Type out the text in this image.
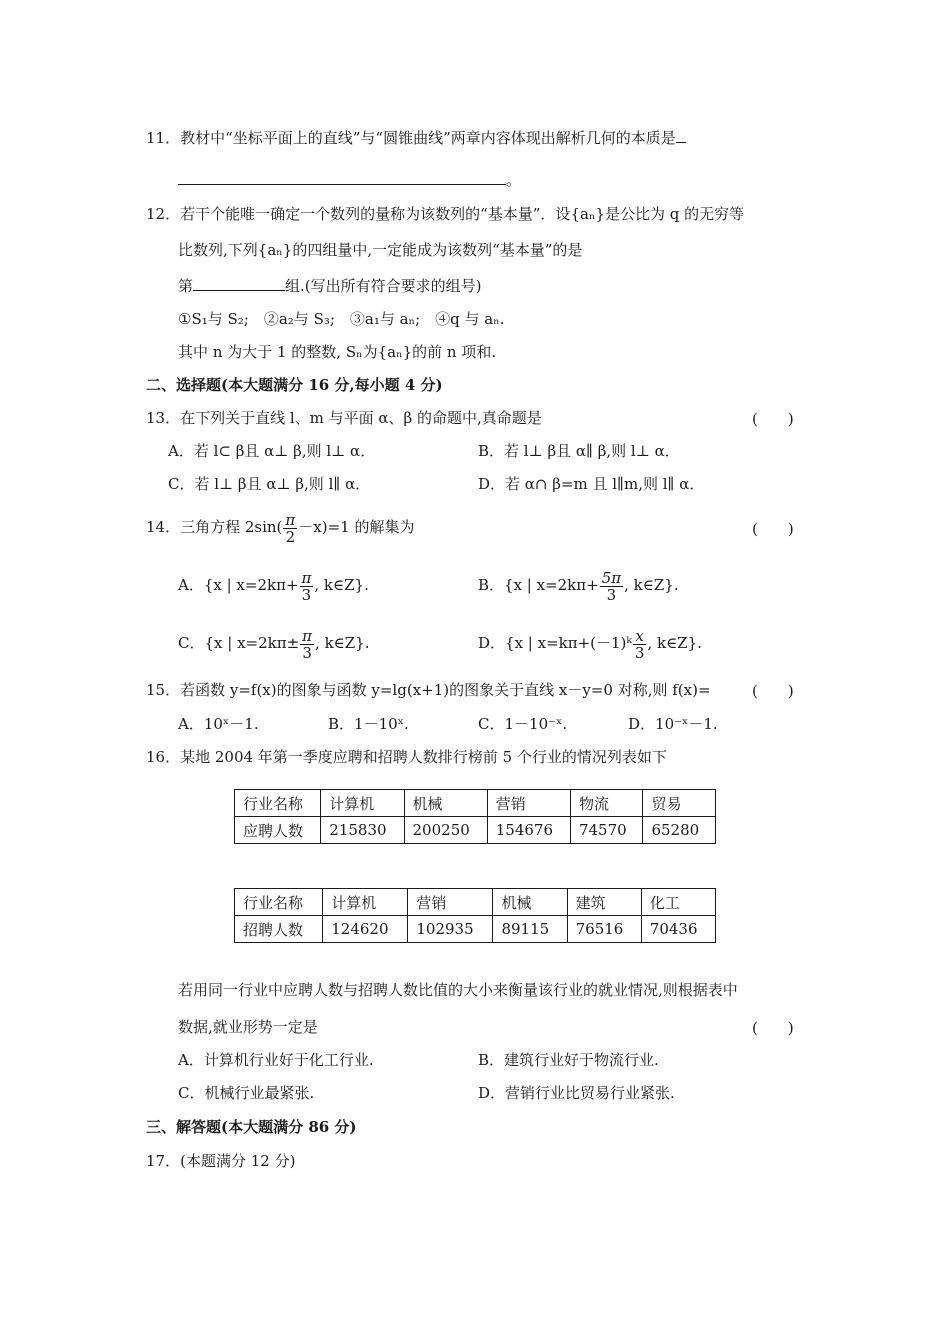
11．教材中“坐标平面上的直线”与“圆锥曲线”两章内容体现出解析几何的本质是
。
12．若干个能唯一确定一个数列的量称为该数列的“基本量”．设{aₙ}是公比为 q 的无穷等
比数列,下列{aₙ}的四组量中,一定能成为该数列“基本量”的是
第	组.(写出所有符合要求的组号)
①S₁与 S₂;　②a₂与 S₃;　③a₁与 aₙ;　④q 与 aₙ.
其中 n 为大于 1 的整数, Sₙ为{aₙ}的前 n 项和.
二、选择题(本大题满分 16 分,每小题 4 分)
13．在下列关于直线 l、m 与平面 α、β 的命题中,真命题是	(　　)
A．若 l⊂ β且 α⊥ β,则 l⊥ α．	B．若 l⊥ β且 α∥ β,则 l⊥ α．
C．若 l⊥ β且 α⊥ β,则 l∥ α．	D．若 α∩ β=m 且 l∥m,则 l∥ α．
14．三角方程 $2\sin( \frac{\pi}{2} -x)=1$ 的解集为	(　　)
A．{x | $x=2k\pi+ \frac{\pi}{3}$ , k∈Z}.	B．{x | $x=2k\pi+ \frac{5\pi}{3}$ , k∈Z}.
C．{x | $x=2k\pi\pm \frac{\pi}{3}$ , k∈Z}.	D．{x | x=kπ+(－1)ᵏ $\frac{x}{3}$ , k∈Z}.
15．若函数 y=f(x)的图象与函数 y=lg(x+1)的图象关于直线 x－y=0 对称,则 f(x)=	(　　)
A．10ˣ－1.	B．1－10ˣ.	C．1－10⁻ˣ.	D．10⁻ˣ－1.
16．某地 2004 年第一季度应聘和招聘人数排行榜前 5 个行业的情况列表如下
行业名称	计算机	机械	营销	物流	贸易
应聘人数	215830	200250	154676	74570	65280
行业名称	计算机	营销	机械	建筑	化工
招聘人数	124620	102935	89115	76516	70436
若用同一行业中应聘人数与招聘人数比值的大小来衡量该行业的就业情况,则根据表中
数据,就业形势一定是	(　　)
A．计算机行业好于化工行业.	B．建筑行业好于物流行业.
C．机械行业最紧张.	D．营销行业比贸易行业紧张.
三、解答题(本大题满分 86 分)
17．(本题满分 12 分)
